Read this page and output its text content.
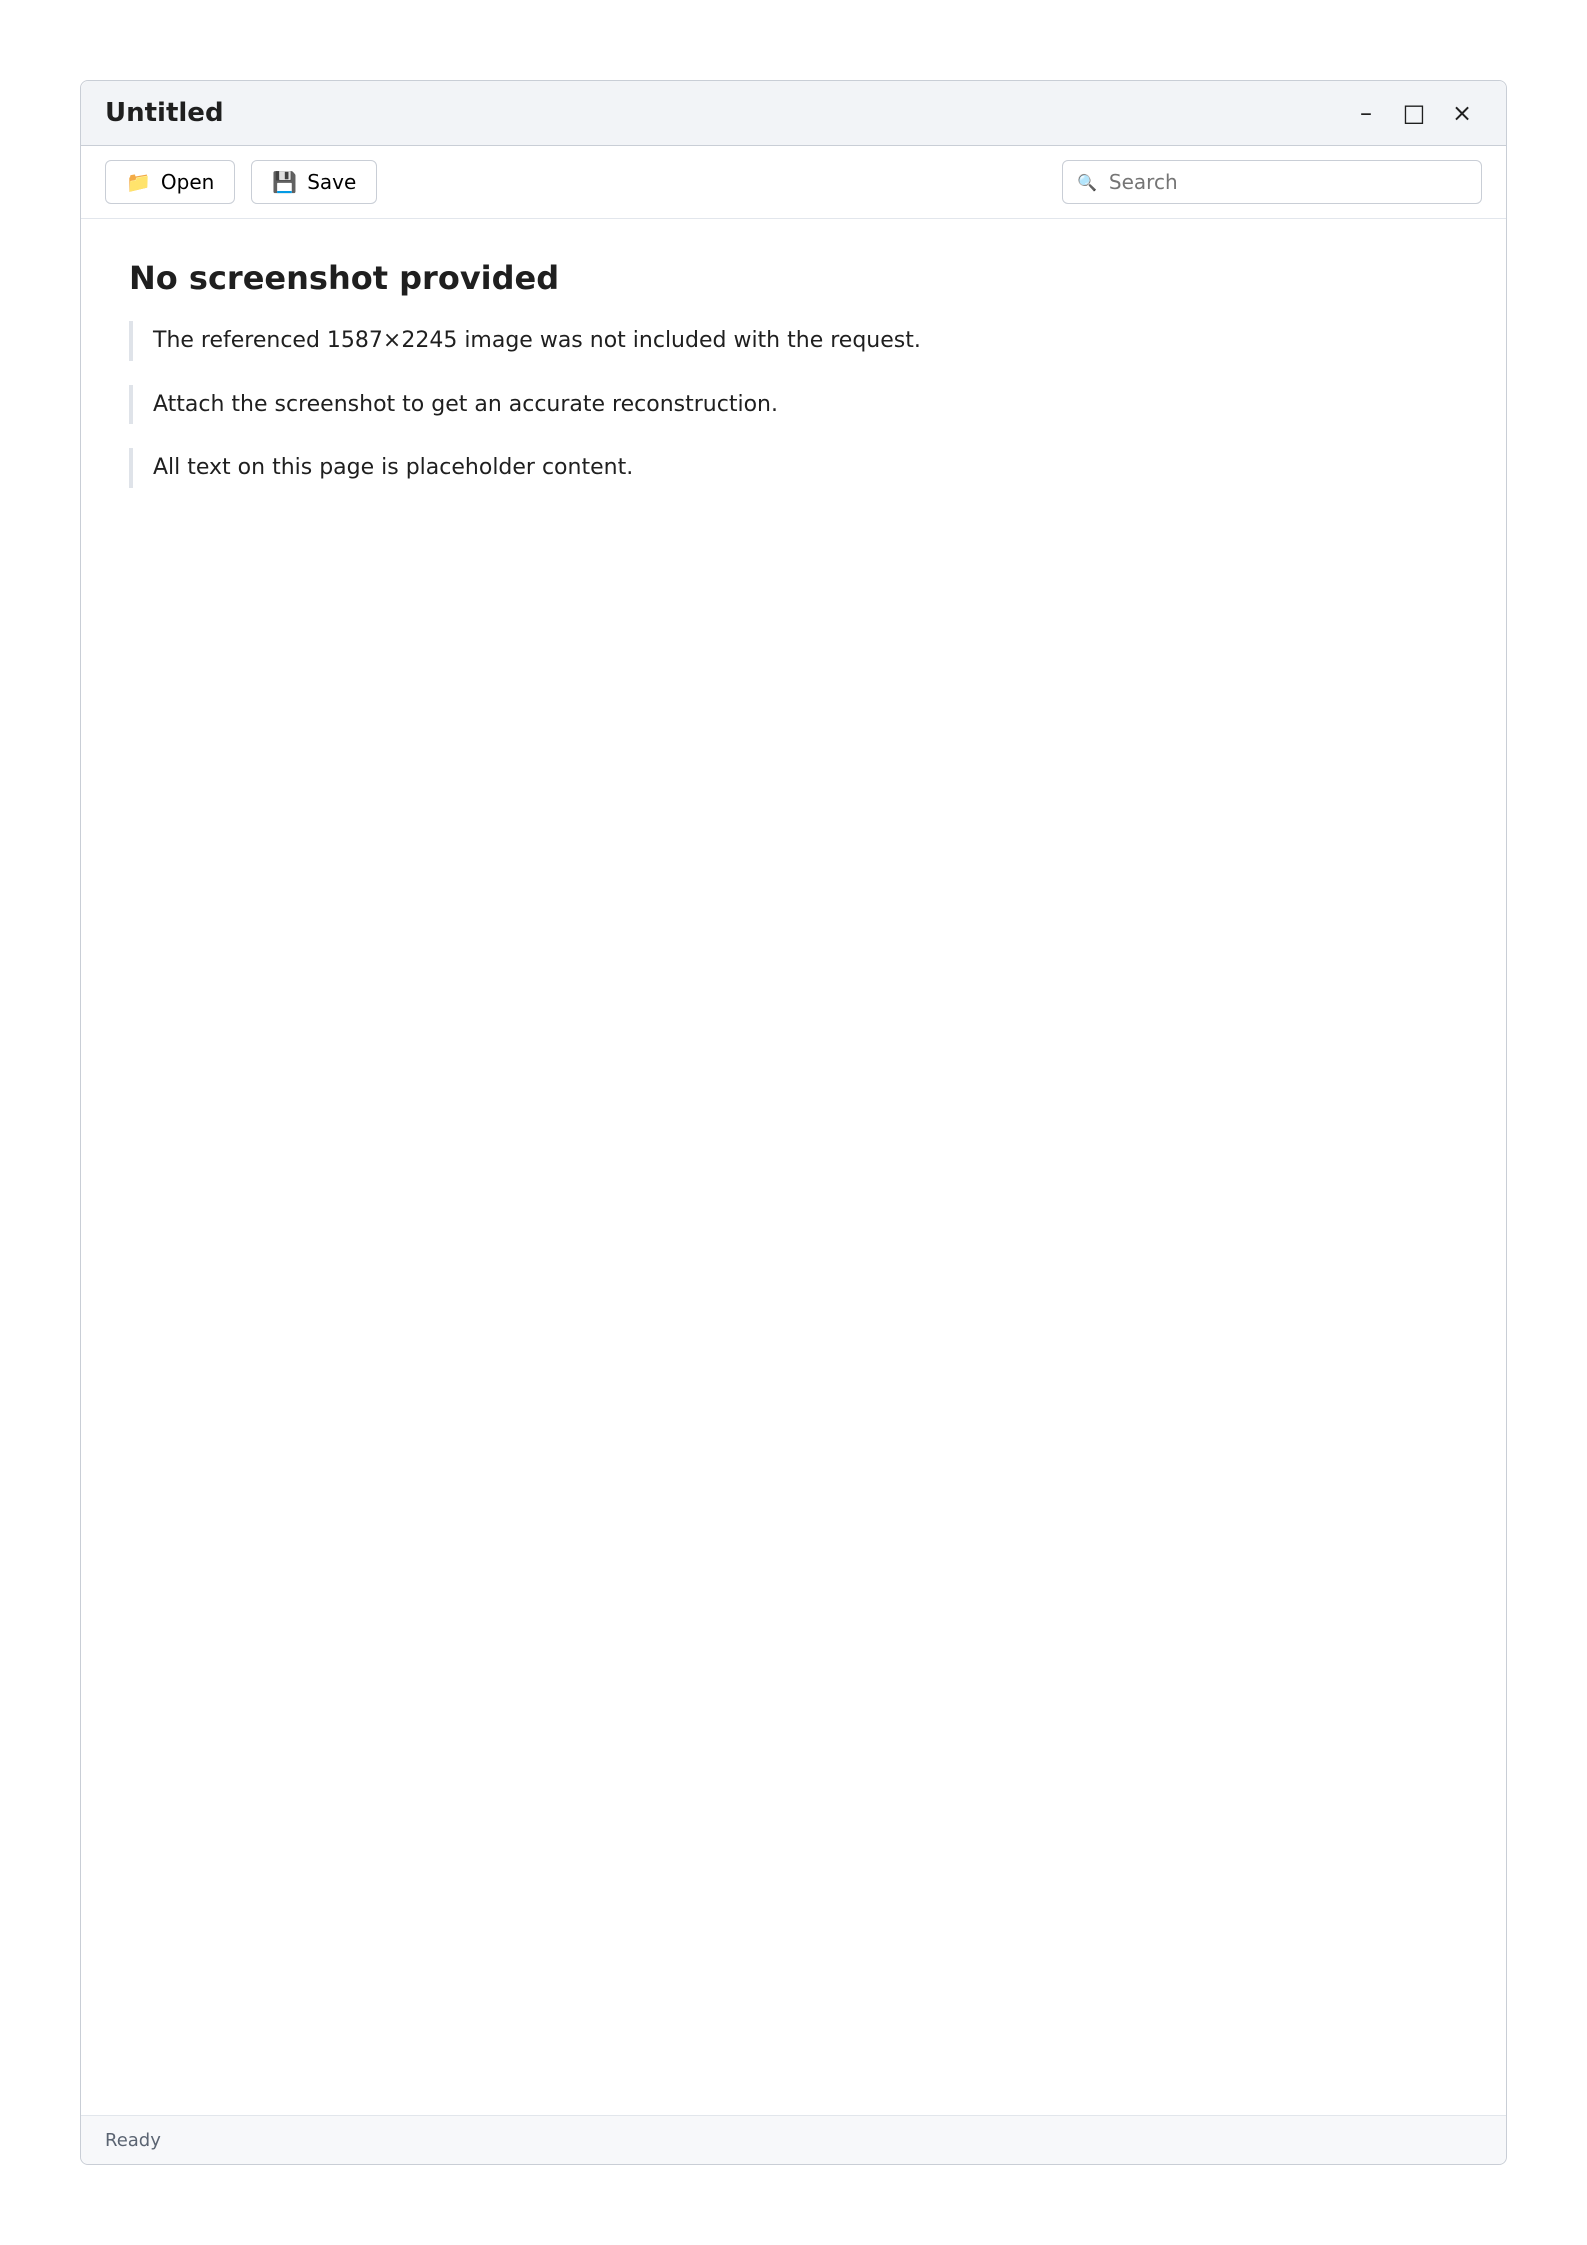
Untitled	–	□	×
📁 Open	💾 Save	🔍
Search
No screenshot provided
The referenced 1587×2245 image was not included with the request.
Attach the screenshot to get an accurate reconstruction.
All text on this page is placeholder content.
Ready
